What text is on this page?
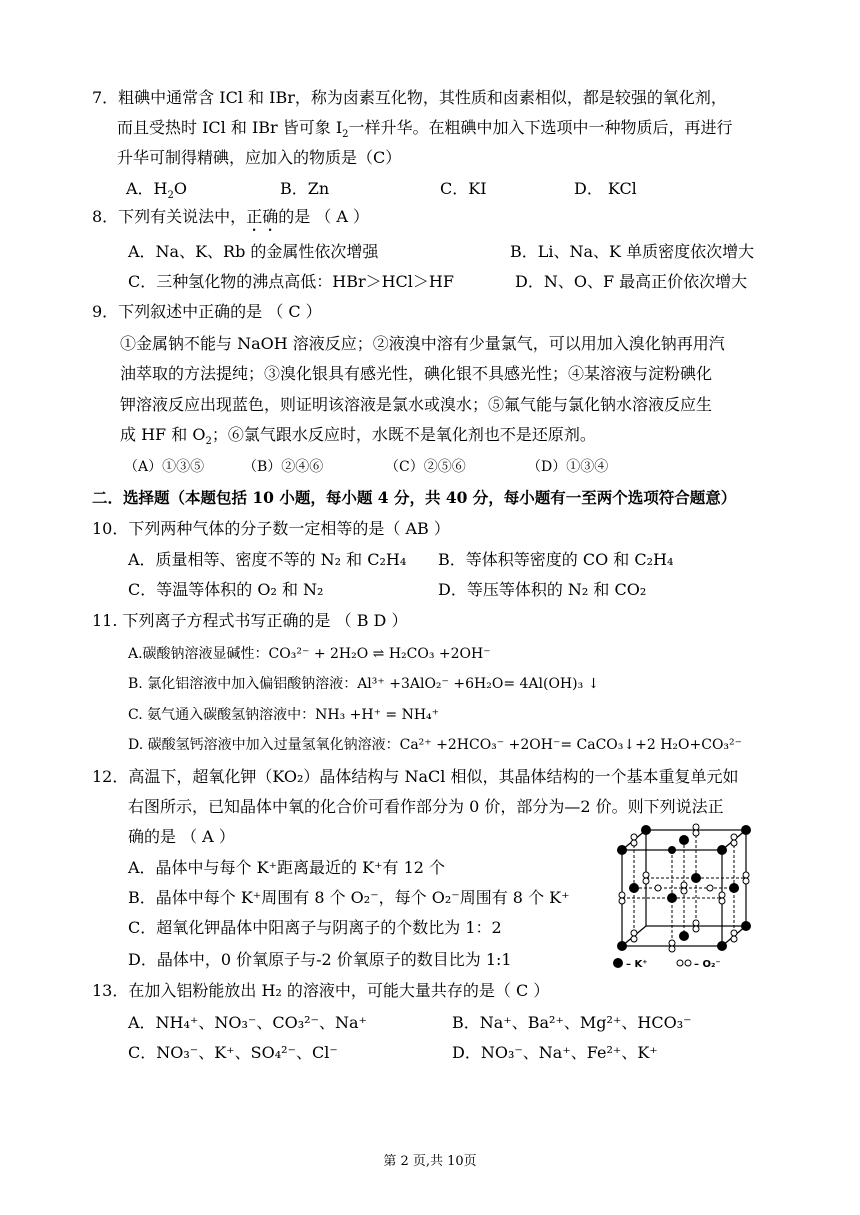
7．粗碘中通常含 ICl 和 IBr，称为卤素互化物，其性质和卤素相似，都是较强的氧化剂，
而且受热时 ICl 和 IBr 皆可象 $I_2$一样升华。在粗碘中加入下选项中一种物质后，再进行
升华可制得精碘，应加入的物质是（C）
A．$H_2O$	B．Zn	C．KI	D． KCl
8．下列有关说法中，正确的是 （ A ）
A．Na、K、Rb 的金属性依次增强	B．Li、Na、K 单质密度依次增大
C．三种氢化物的沸点高低：HBr＞HCl＞HF	D．N、O、F 最高正价依次增大
9．下列叙述中正确的是 （ C ）
①金属钠不能与 NaOH 溶液反应；②液溴中溶有少量氯气，可以用加入溴化钠再用汽
油萃取的方法提纯；③溴化银具有感光性，碘化银不具感光性；④某溶液与淀粉碘化
钾溶液反应出现蓝色，则证明该溶液是氯水或溴水；⑤氟气能与氯化钠水溶液反应生
成 HF 和 $O_2$；⑥氯气跟水反应时，水既不是氧化剂也不是还原剂。
（A）①③⑤	（B）②④⑥	（C）②⑤⑥	（D）①③④
二．选择题（本题包括 10 小题，每小题 4 分，共 40 分，每小题有一至两个选项符合题意）
10．下列两种气体的分子数一定相等的是（ AB ）
A．质量相等、密度不等的 N₂ 和 C₂H₄ B．等体积等密度的 CO 和 C₂H₄
C．等温等体积的 O₂ 和 N₂	D．等压等体积的 N₂ 和 CO₂
11. 下列离子方程式书写正确的是 （ B D ）
A.碳酸钠溶液显碱性：CO₃²⁻ + 2H₂O ⇌ H₂CO₃ +2OH⁻
B. 氯化铝溶液中加入偏铝酸钠溶液：Al³⁺ +3AlO₂⁻ +6H₂O= 4Al(OH)₃ ↓
C. 氨气通入碳酸氢钠溶液中：NH₃ +H⁺ = NH₄⁺
D. 碳酸氢钙溶液中加入过量氢氧化钠溶液：Ca²⁺ +2HCO₃⁻ +2OH⁻= CaCO₃↓+2 H₂O+CO₃²⁻
12．高温下，超氧化钾（KO₂）晶体结构与 NaCl 相似，其晶体结构的一个基本重复单元如
右图所示，已知晶体中氧的化合价可看作部分为 0 价，部分为—2 价。则下列说法正
确的是 （ A ）
A．晶体中与每个 K⁺距离最近的 K⁺有 12 个
B．晶体中每个 K⁺周围有 8 个 O₂⁻，每个 O₂⁻周围有 8 个 K⁺
C．超氧化钾晶体中阳离子与阴离子的个数比为 1：2
D．晶体中，0 价氧原子与-2 价氧原子的数目比为 1:1	– K⁺	– O₂⁻
13．在加入铝粉能放出 H₂ 的溶液中，可能大量共存的是（ C ）
A．NH₄⁺、NO₃⁻、CO₃²⁻、Na⁺	B．Na⁺、Ba²⁺、Mg²⁺、HCO₃⁻
C．NO₃⁻、K⁺、SO₄²⁻、Cl⁻	D．NO₃⁻、Na⁺、Fe²⁺、K⁺
第 2 页,共 10页
